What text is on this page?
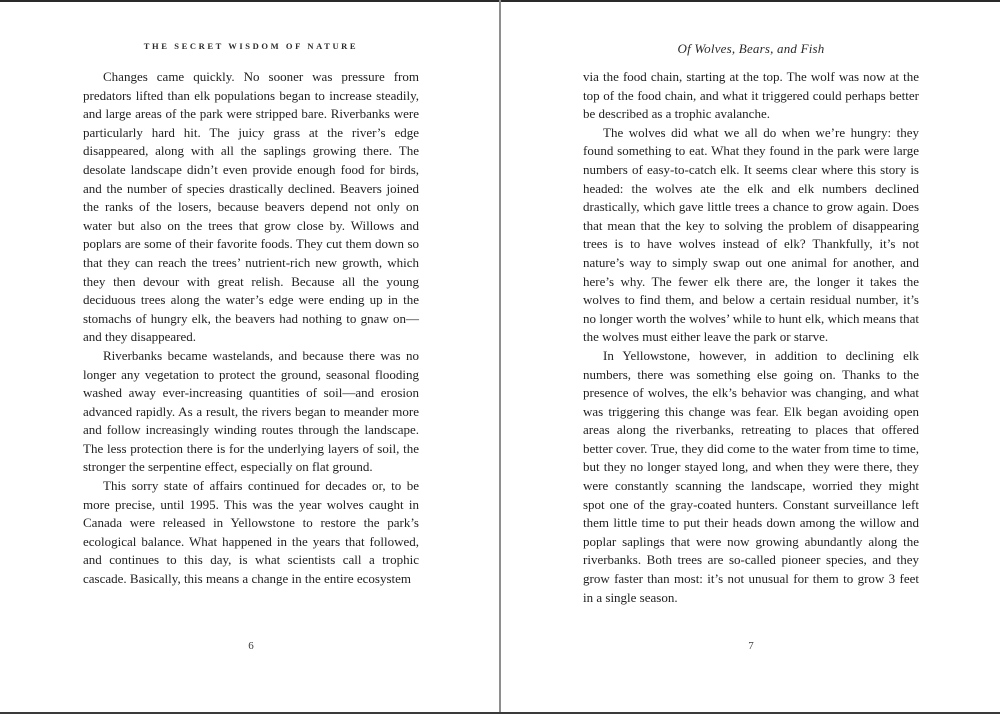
THE SECRET WISDOM OF NATURE

Changes came quickly. No sooner was pressure from predators lifted than elk populations began to increase steadily, and large areas of the park were stripped bare. Riverbanks were particularly hard hit. The juicy grass at the river’s edge disappeared, along with all the saplings growing there. The desolate landscape didn’t even provide enough food for birds, and the number of species drastically declined. Beavers joined the ranks of the losers, because beavers depend not only on water but also on the trees that grow close by. Willows and poplars are some of their favorite foods. They cut them down so that they can reach the trees’ nutrient-rich new growth, which they then devour with great relish. Because all the young deciduous trees along the water’s edge were ending up in the stomachs of hungry elk, the beavers had nothing to gnaw on—and they disappeared.

Riverbanks became wastelands, and because there was no longer any vegetation to protect the ground, seasonal flooding washed away ever-increasing quantities of soil—and erosion advanced rapidly. As a result, the rivers began to meander more and follow increasingly winding routes through the landscape. The less protection there is for the underlying layers of soil, the stronger the serpentine effect, especially on flat ground.

This sorry state of affairs continued for decades or, to be more precise, until 1995. This was the year wolves caught in Canada were released in Yellowstone to restore the park’s ecological balance. What happened in the years that followed, and continues to this day, is what scientists call a trophic cascade. Basically, this means a change in the entire ecosystem

6
Of Wolves, Bears, and Fish

via the food chain, starting at the top. The wolf was now at the top of the food chain, and what it triggered could perhaps better be described as a trophic avalanche.

The wolves did what we all do when we’re hungry: they found something to eat. What they found in the park were large numbers of easy-to-catch elk. It seems clear where this story is headed: the wolves ate the elk and elk numbers declined drastically, which gave little trees a chance to grow again. Does that mean that the key to solving the problem of disappearing trees is to have wolves instead of elk? Thankfully, it’s not nature’s way to simply swap out one animal for another, and here’s why. The fewer elk there are, the longer it takes the wolves to find them, and below a certain residual number, it’s no longer worth the wolves’ while to hunt elk, which means that the wolves must either leave the park or starve.

In Yellowstone, however, in addition to declining elk numbers, there was something else going on. Thanks to the presence of wolves, the elk’s behavior was changing, and what was triggering this change was fear. Elk began avoiding open areas along the riverbanks, retreating to places that offered better cover. True, they did come to the water from time to time, but they no longer stayed long, and when they were there, they were constantly scanning the landscape, worried they might spot one of the gray-coated hunters. Constant surveillance left them little time to put their heads down among the willow and poplar saplings that were now growing abundantly along the riverbanks. Both trees are so-called pioneer species, and they grow faster than most: it’s not unusual for them to grow 3 feet in a single season.

7
